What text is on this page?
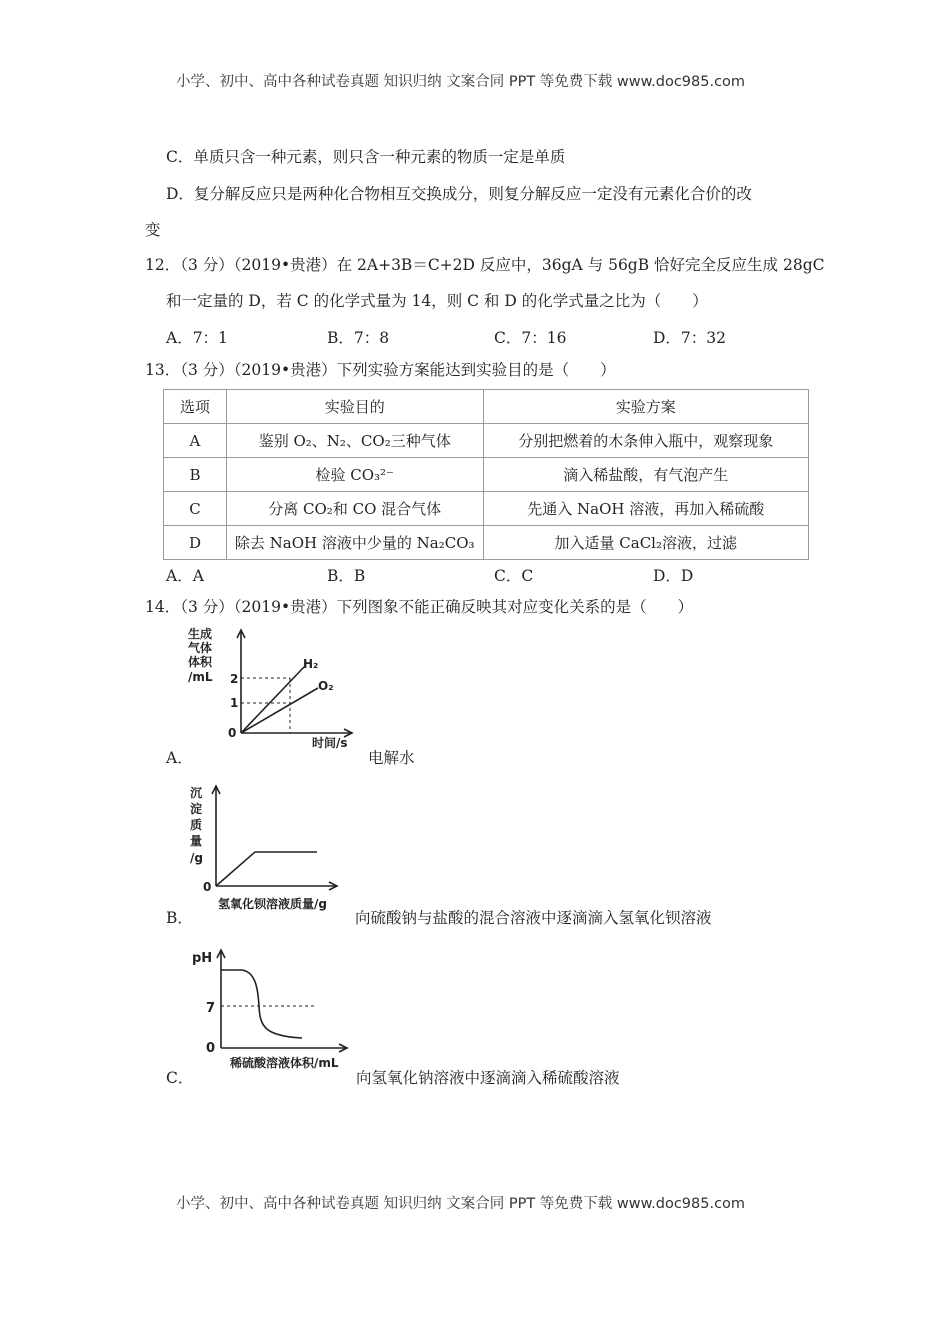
小学、初中、高中各种试卷真题 知识归纳 文案合同 PPT 等免费下载 www.doc985.com
C．单质只含一种元素，则只含一种元素的物质一定是单质
D．复分解反应只是两种化合物相互交换成分，则复分解反应一定没有元素化合价的改
变
12．（3 分）（2019•贵港）在 2A+3B＝C+2D 反应中，36gA 与 56gB 恰好完全反应生成 28gC
和一定量的 D，若 C 的化学式量为 14，则 C 和 D 的化学式量之比为（　　）
A．7：1	B．7：8	C．7：16	D．7：32
13．（3 分）（2019•贵港）下列实验方案能达到实验目的是（　　）
选项	实验目的	实验方案
A	鉴别 O₂、N₂、CO₂三种气体	分别把燃着的木条伸入瓶中，观察现象
B	检验 CO₃²⁻	滴入稀盐酸，有气泡产生
C	分离 CO₂和 CO 混合气体	先通入 NaOH 溶液，再加入稀硫酸
D	除去 NaOH 溶液中少量的 Na₂CO₃	加入适量 CaCl₂溶液，过滤
A．A	B．B	C．C	D．D
14．（3 分）（2019•贵港）下列图象不能正确反映其对应变化关系的是（　　）
A．
生成
气体
体积
/mL
0
1
2
时间/s
H₂
O₂
电解水
B．
沉
淀
质
量
/g
0
氢氧化钡溶液质量/g
向硫酸钠与盐酸的混合溶液中逐滴滴入氢氧化钡溶液
C．
pH
7
0
稀硫酸溶液体积/mL
向氢氧化钠溶液中逐滴滴入稀硫酸溶液
小学、初中、高中各种试卷真题 知识归纳 文案合同 PPT 等免费下载 www.doc985.com
